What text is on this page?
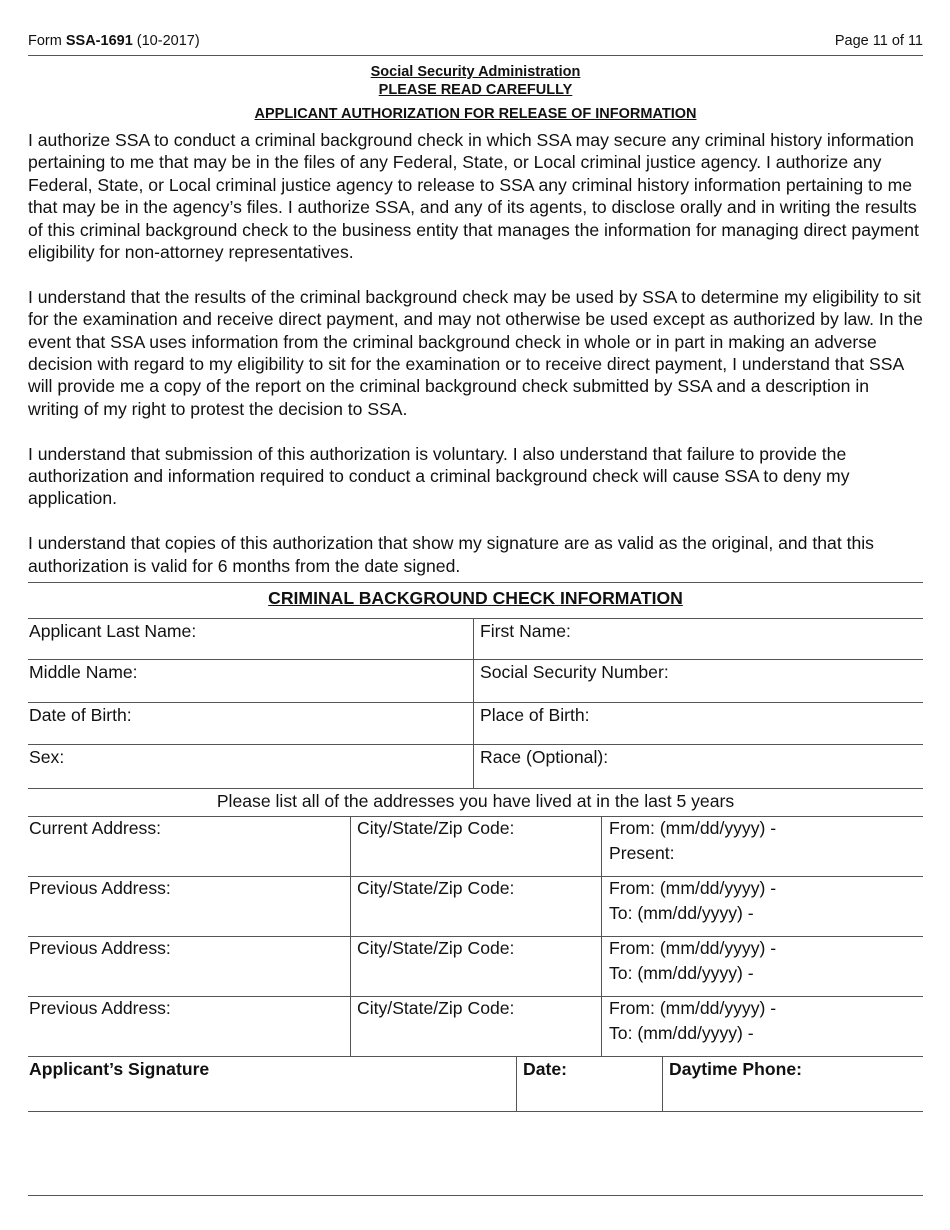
Form SSA-1691 (10-2017)	Page 11 of 11
Social Security Administration
PLEASE READ CAREFULLY
APPLICANT AUTHORIZATION FOR RELEASE OF INFORMATION

I authorize SSA to conduct a criminal background check in which SSA may secure any criminal history information pertaining to me that may be in the files of any Federal, State, or Local criminal justice agency. I authorize any Federal, State, or Local criminal justice agency to release to SSA any criminal history information pertaining to me that may be in the agency’s files. I authorize SSA, and any of its agents, to disclose orally and in writing the results of this criminal background check to the business entity that manages the information for managing direct payment eligibility for non-attorney representatives.

I understand that the results of the criminal background check may be used by SSA to determine my eligibility to sit for the examination and receive direct payment, and may not otherwise be used except as authorized by law. In the event that SSA uses information from the criminal background check in whole or in part in making an adverse decision with regard to my eligibility to sit for the examination or to receive direct payment, I understand that SSA will provide me a copy of the report on the criminal background check submitted by SSA and a description in writing of my right to protest the decision to SSA.

I understand that submission of this authorization is voluntary. I also understand that failure to provide the authorization and information required to conduct a criminal background check will cause SSA to deny my application.

I understand that copies of this authorization that show my signature are as valid as the original, and that this authorization is valid for 6 months from the date signed.

CRIMINAL BACKGROUND CHECK INFORMATION
Applicant Last Name:	First Name:
Middle Name:	Social Security Number:
Date of Birth:	Place of Birth:
Sex:	Race (Optional):
Please list all of the addresses you have lived at in the last 5 years
Current Address:	City/State/Zip Code:	From: (mm/dd/yyyy) -
Present:
Previous Address:	City/State/Zip Code:	From: (mm/dd/yyyy) -
To: (mm/dd/yyyy) -
Previous Address:	City/State/Zip Code:	From: (mm/dd/yyyy) -
To: (mm/dd/yyyy) -
Previous Address:	City/State/Zip Code:	From: (mm/dd/yyyy) -
To: (mm/dd/yyyy) -
Applicant’s Signature	Date:	Daytime Phone:
